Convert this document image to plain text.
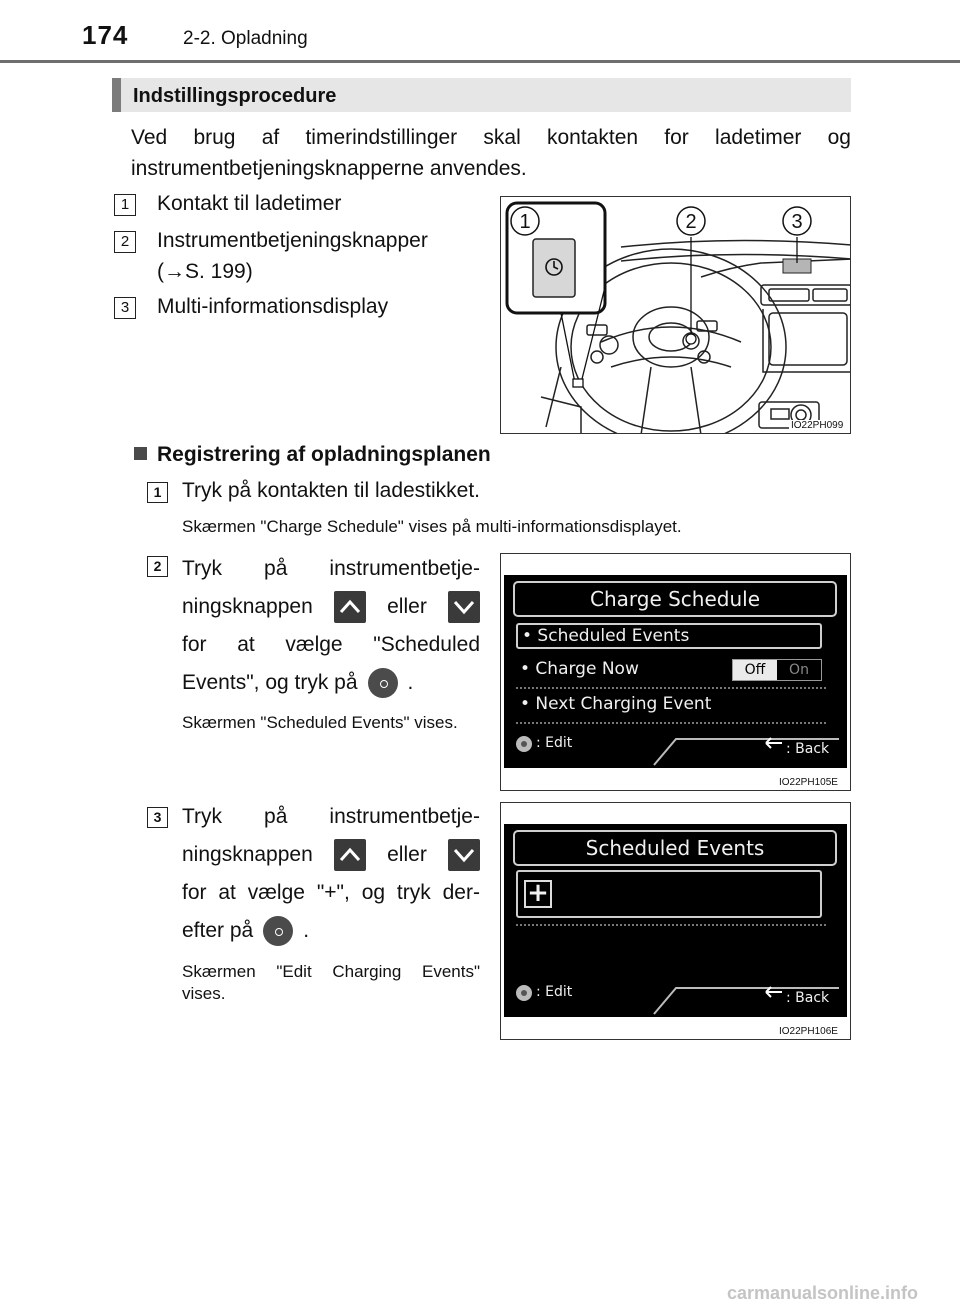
174	2-2. Opladning
Indstillingsprocedure

Ved brug af timerindstillinger skal kontakten for ladetimer og instrumentbetjeningsknapperne anvendes.

1	Kontakt til ladetimer
2	Instrumentbetjeningsknapper
(→S. 199)
3	Multi-informationsdisplay
1	2	3
IO22PH099
Registrering af opladningsplanen
1 Tryk på kontakten til ladestikket.
Skærmen "Charge Schedule" vises på multi-informationsdisplayet.
2 Tryk på instrumentbetje-
ningsknappen	eller
for at vælge "Scheduled
Events", og tryk på .
Skærmen "Scheduled Events" vises.
Charge Schedule
• Scheduled Events
• Charge Now	Off	On
• Next Charging Event
: Edit	: Back
IO22PH105E
3 Tryk på instrumentbetje-
ningsknappen	eller
for at vælge "+", og tryk der-
efter på .
Skærmen "Edit Charging Events" vises.
Scheduled Events
+
: Edit	: Back
IO22PH106E
carmanualsonline.info
